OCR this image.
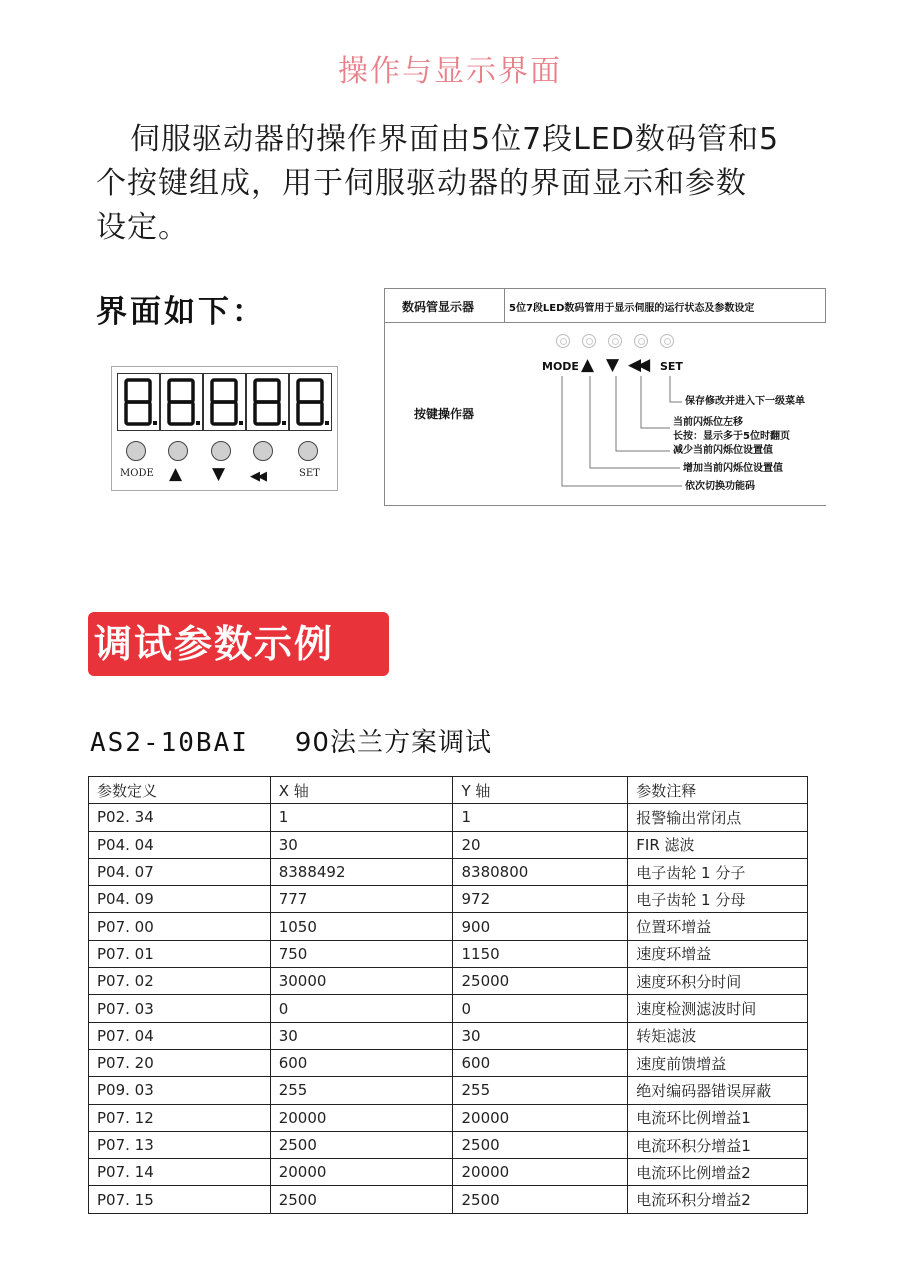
操作与显示界面
伺服驱动器的操作界面由5位7段LED数码管和5
个按键组成，用于伺服驱动器的界面显示和参数
设定。
界面如下：
MODE ▲ ▼ ◀◀	SET
数码管显示器	5位7段LED数码管用于显示伺服的运行状态及参数设定
按键操作器
MODE ▲ ▼ ◀◀ SET
保存修改并进入下一级菜单
当前闪烁位左移
长按：显示多于5位时翻页
减少当前闪烁位设置值
增加当前闪烁位设置值
依次切换功能码
调试参数示例
AS2-10BAI 90法兰方案调试
参数定义	X 轴	Y 轴	参数注释
P02. 34	1	1	报警输出常闭点
P04. 04	30	20	FIR 滤波
P04. 07	8388492	8380800	电子齿轮 1 分子
P04. 09	777	972	电子齿轮 1 分母
P07. 00	1050	900	位置环增益
P07. 01	750	1150	速度环增益
P07. 02	30000	25000	速度环积分时间
P07. 03	0	0	速度检测滤波时间
P07. 04	30	30	转矩滤波
P07. 20	600	600	速度前馈增益
P09. 03	255	255	绝对编码器错误屏蔽
P07. 12	20000	20000	电流环比例增益1
P07. 13	2500	2500	电流环积分增益1
P07. 14	20000	20000	电流环比例增益2
P07. 15	2500	2500	电流环积分增益2
